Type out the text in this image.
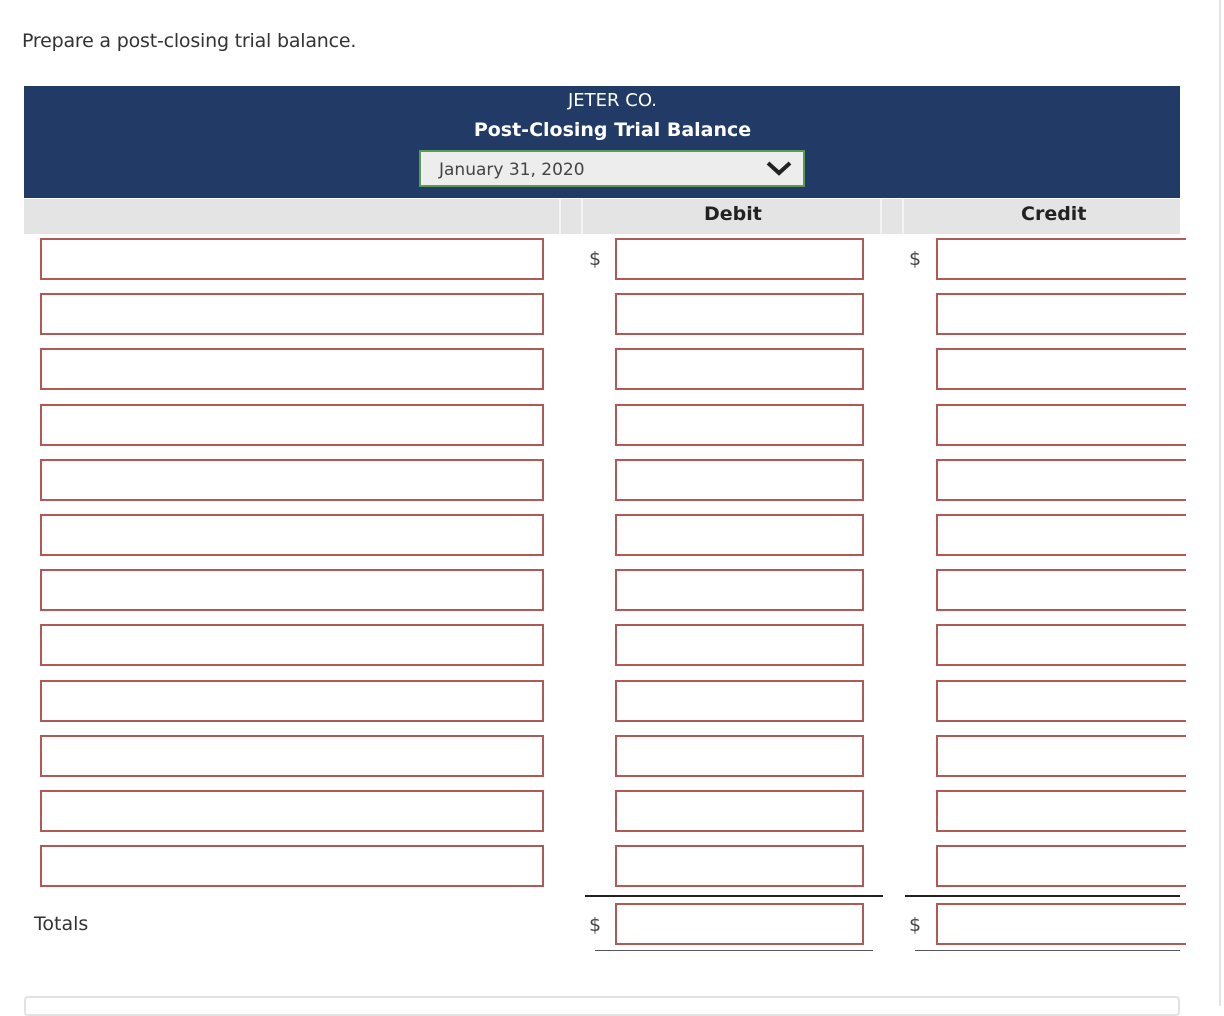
Prepare a post-closing trial balance.
JETER CO.
Post-Closing Trial Balance
January 31, 2020
Debit	Credit
$	$
Totals	$	$
